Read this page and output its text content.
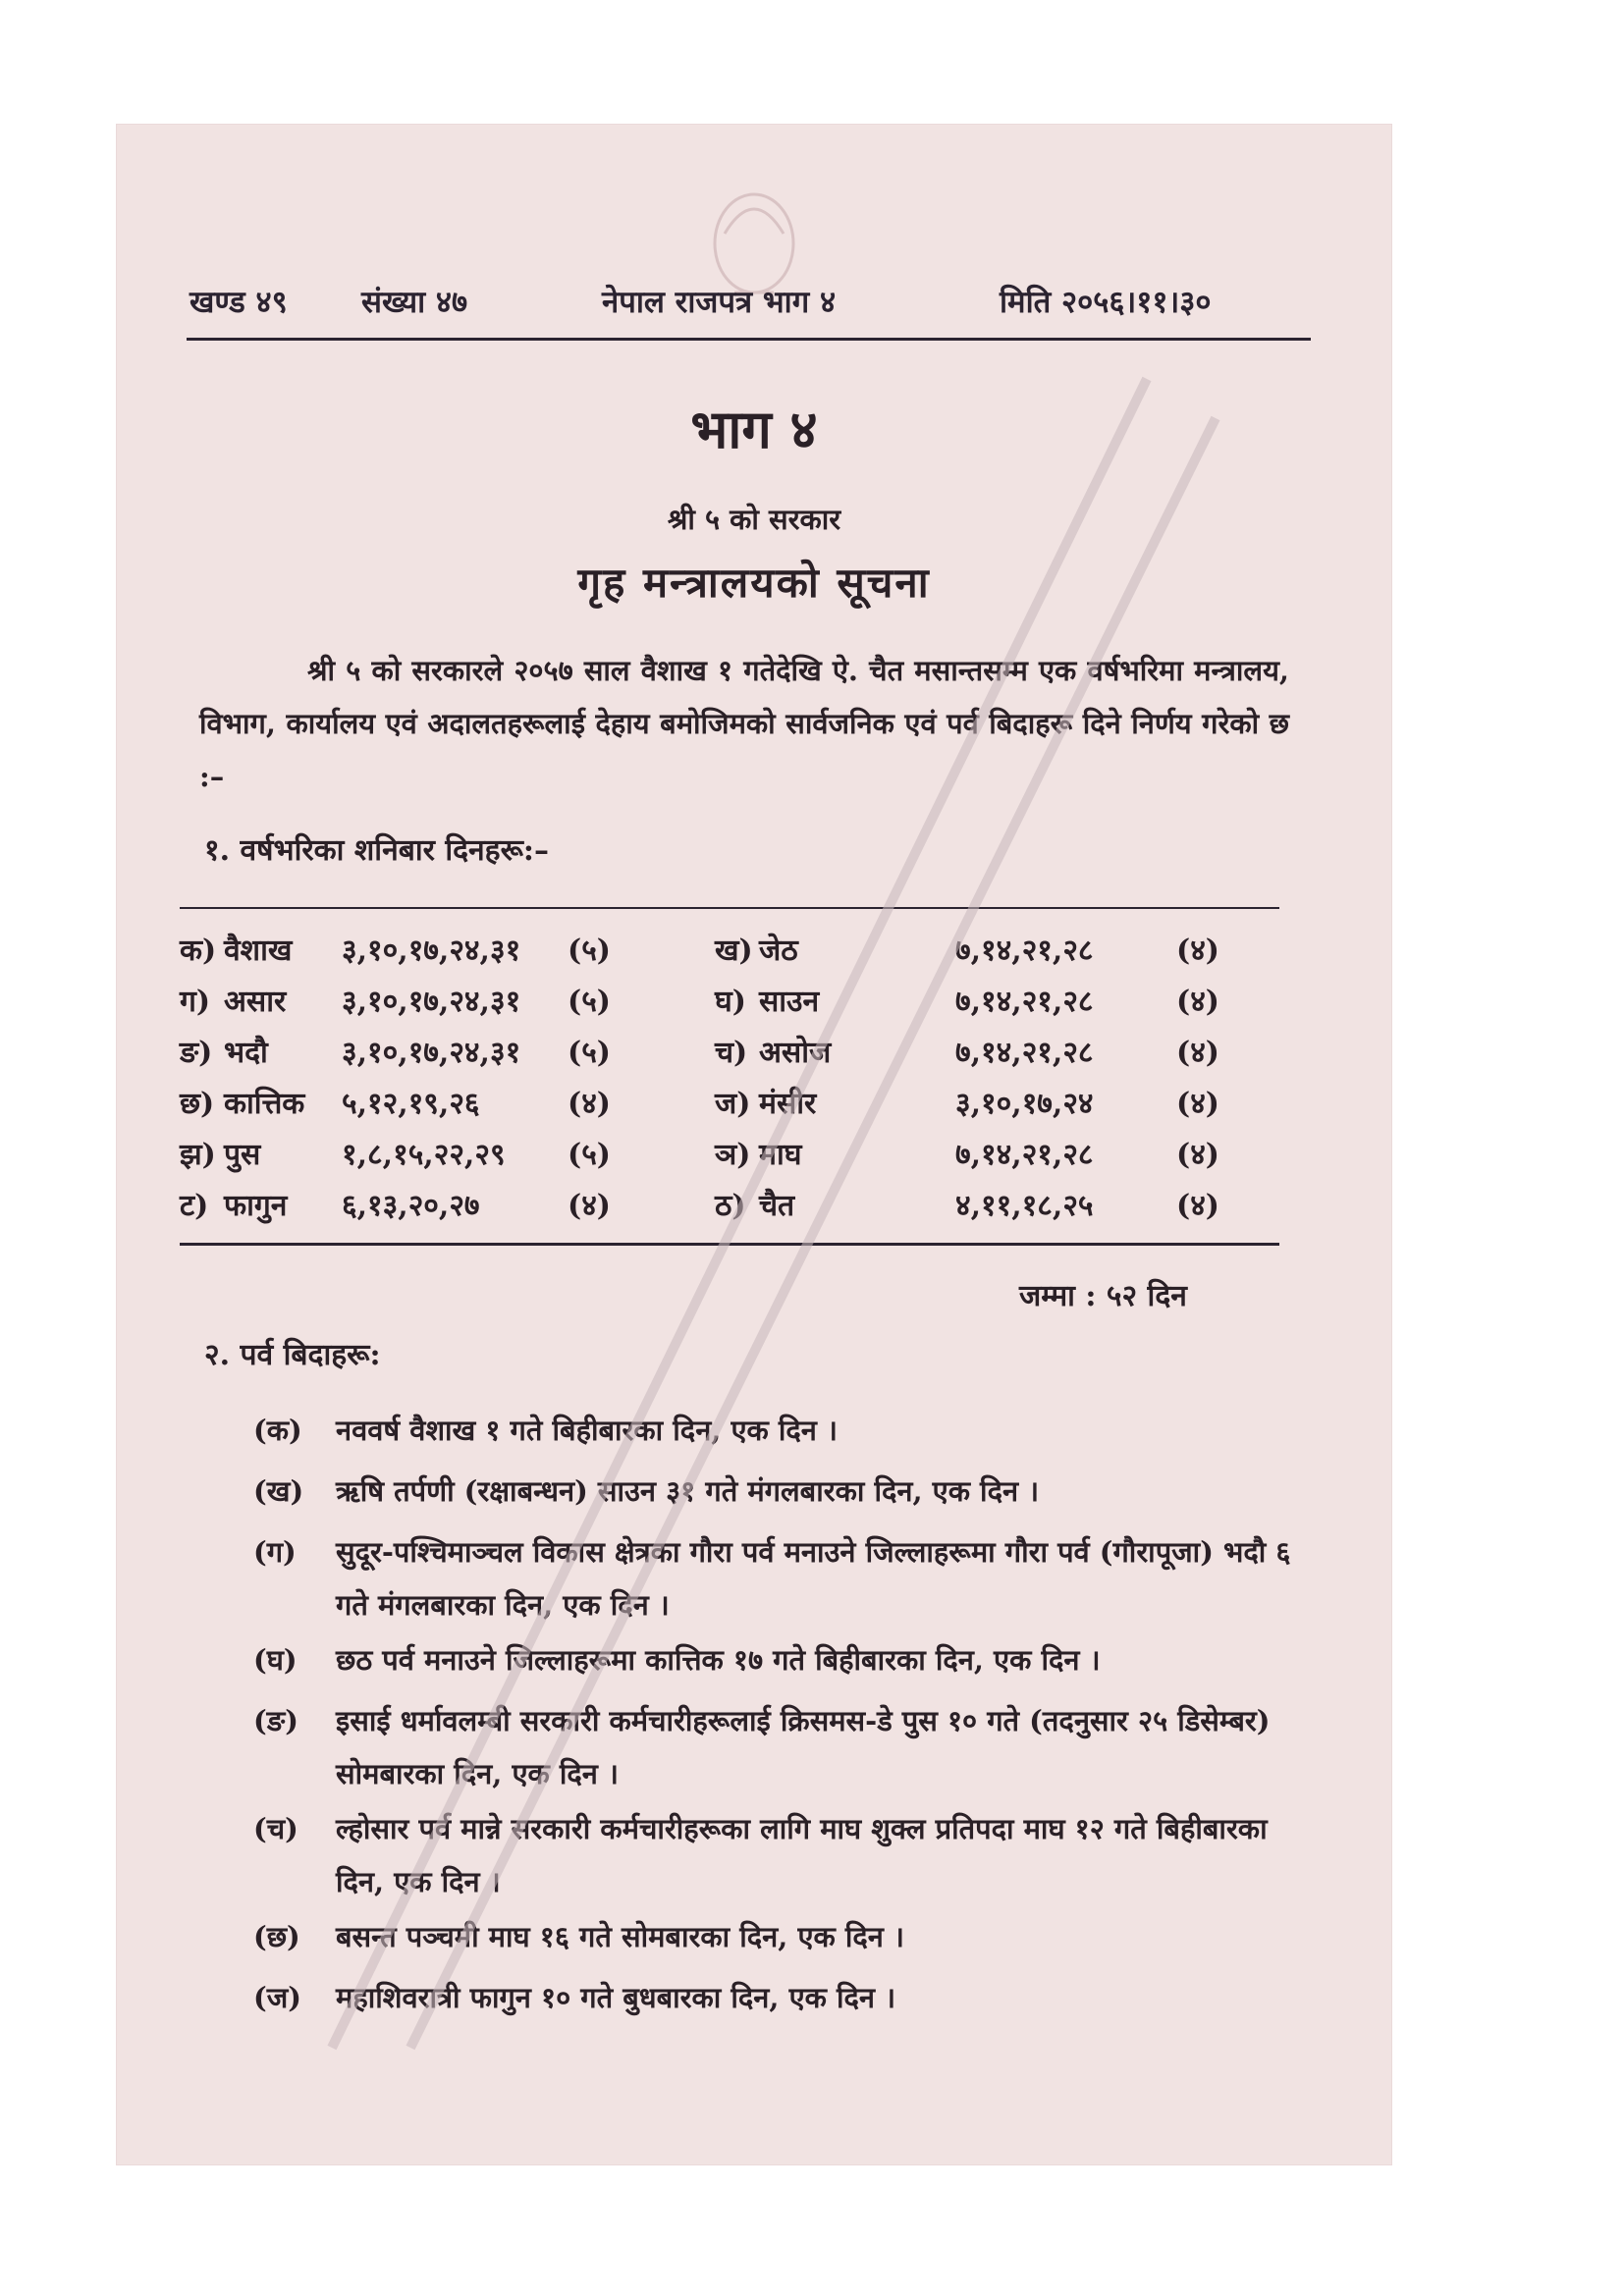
खण्ड ४९ संख्या ४७	नेपाल राजपत्र भाग ४	मिति २०५६।११।३०
भाग ४
श्री ५ को सरकार
गृह मन्त्रालयको सूचना
श्री ५ को सरकारले २०५७ साल वैशाख १ गतेदेखि ऐ. चैत मसान्तसम्म एक वर्षभरिमा मन्त्रालय, विभाग, कार्यालय एवं अदालतहरूलाई देहाय बमोजिमको सार्वजनिक एवं पर्व बिदाहरू दिने निर्णय गरेको छ :–
१. वर्षभरिका शनिबार दिनहरू:–
क) वैशाख ३,१०,१७,२४,३१ (५)	ख) जेठ	७,१४,२१,२८	(४)
ग) असार ३,१०,१७,२४,३१ (५)	घ) साउन	७,१४,२१,२८	(४)
ङ) भदौ	३,१०,१७,२४,३१ (५)	च) असोज	७,१४,२१,२८	(४)
छ) कात्तिक ५,१२,१९,२६	(४)	ज) मंसीर	३,१०,१७,२४	(४)
झ) पुस	१,८,१५,२२,२९ (५)	ञ) माघ	७,१४,२१,२८	(४)
ट) फागुन ६,१३,२०,२७	(४)	ठ) चैत	४,११,१८,२५	(४)
जम्मा : ५२ दिन
२. पर्व बिदाहरू:
(क) नववर्ष वैशाख १ गते बिहीबारका दिन, एक दिन ।
(ख) ऋषि तर्पणी (रक्षाबन्धन) साउन ३१ गते मंगलबारका दिन, एक दिन ।
(ग) सुदूर-पश्चिमाञ्चल विकास क्षेत्रका गौरा पर्व मनाउने जिल्लाहरूमा गौरा पर्व (गौरापूजा) भदौ ६ गते मंगलबारका दिन, एक दिन ।
(घ) छठ पर्व मनाउने जिल्लाहरूमा कात्तिक १७ गते बिहीबारका दिन, एक दिन ।
(ङ) इसाई धर्मावलम्बी सरकारी कर्मचारीहरूलाई क्रिसमस-डे पुस १० गते (तदनुसार २५ डिसेम्बर) सोमबारका दिन, एक दिन ।
(च) ल्होसार पर्व मान्ने सरकारी कर्मचारीहरूका लागि माघ शुक्ल प्रतिपदा माघ १२ गते बिहीबारका दिन, एक दिन ।
(छ) बसन्त पञ्चमी माघ १६ गते सोमबारका दिन, एक दिन ।
(ज) महाशिवरात्री फागुन १० गते बुधबारका दिन, एक दिन ।
